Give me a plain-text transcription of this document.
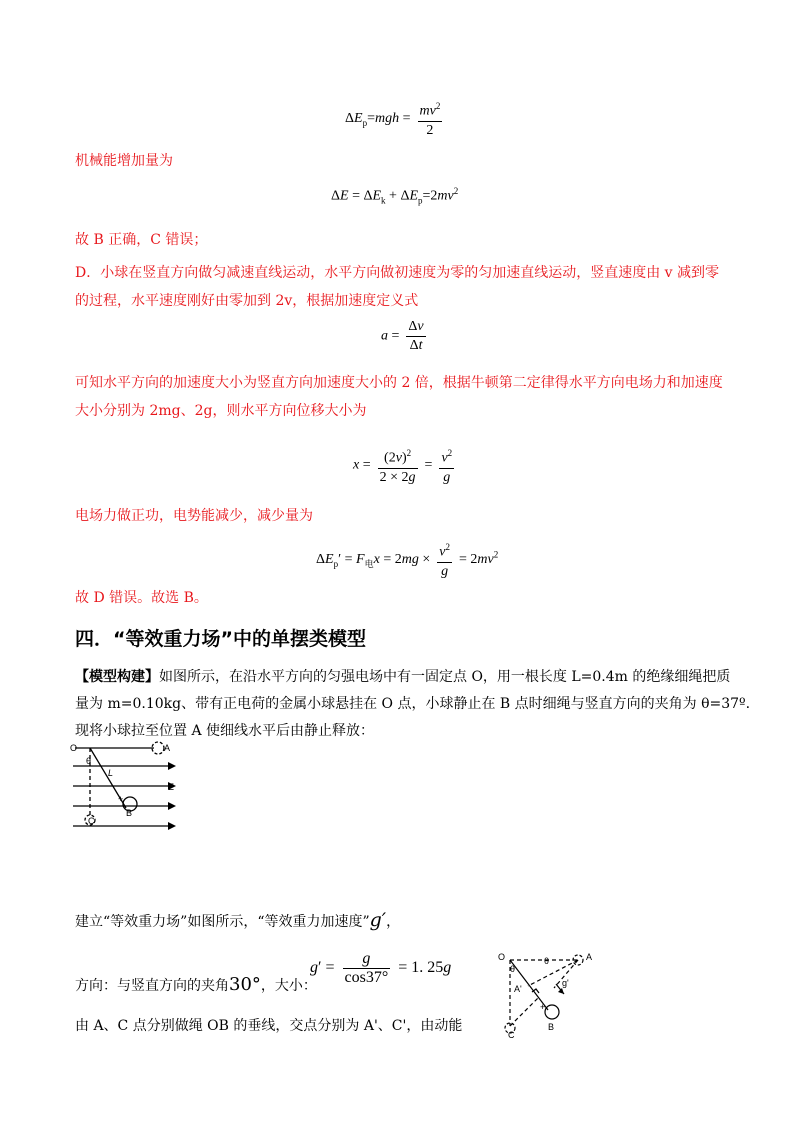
$\Delta E_p=mgh = \frac{mv^2}{2}$
机械能增加量为
$\Delta E = \Delta E_k + \Delta E_p=2mv^2$
故 B 正确，C 错误；
D．小球在竖直方向做匀减速直线运动，水平方向做初速度为零的匀加速直线运动，竖直速度由 v 减到零
的过程，水平速度刚好由零加到 2v，根据加速度定义式
$a = \frac{\Delta v}{\Delta t}$
可知水平方向的加速度大小为竖直方向加速度大小的 2 倍，根据牛顿第二定律得水平方向电场力和加速度
大小分别为 2mg、2g，则水平方向位移大小为
$x = \frac{(2v)^2}{2 \times 2g} = \frac{v^2}{g}$
电场力做正功，电势能减少，减少量为
$\Delta E_p' = F_电x = 2mg \times \frac{v^2}{g} = 2mv^2$
故 D 错误。故选 B。
四．“等效重力场”中的单摆类模型
【模型构建】如图所示，在沿水平方向的匀强电场中有一固定点 O，用一根长度 L=0.4m 的绝缘细绳把质
量为 m=0.10kg、带有正电荷的金属小球悬挂在 O 点，小球静止在 B 点时细绳与竖直方向的夹角为 θ=37º.
现将小球拉至位置 A 使细线水平后由静止释放：
O	A
θ
L
E
+
B
C
建立“等效重力场”如图所示，“等效重力加速度”g′，
方向：与竖直方向的夹角30°，大小：
$g' = \frac{g}{\cos 37^\circ} = 1$. 25g
由 A、C 点分别做绳 OB 的垂线，交点分别为 A'、C'，由动能
O
θ
θ	A
A'
g'
+
B
C
